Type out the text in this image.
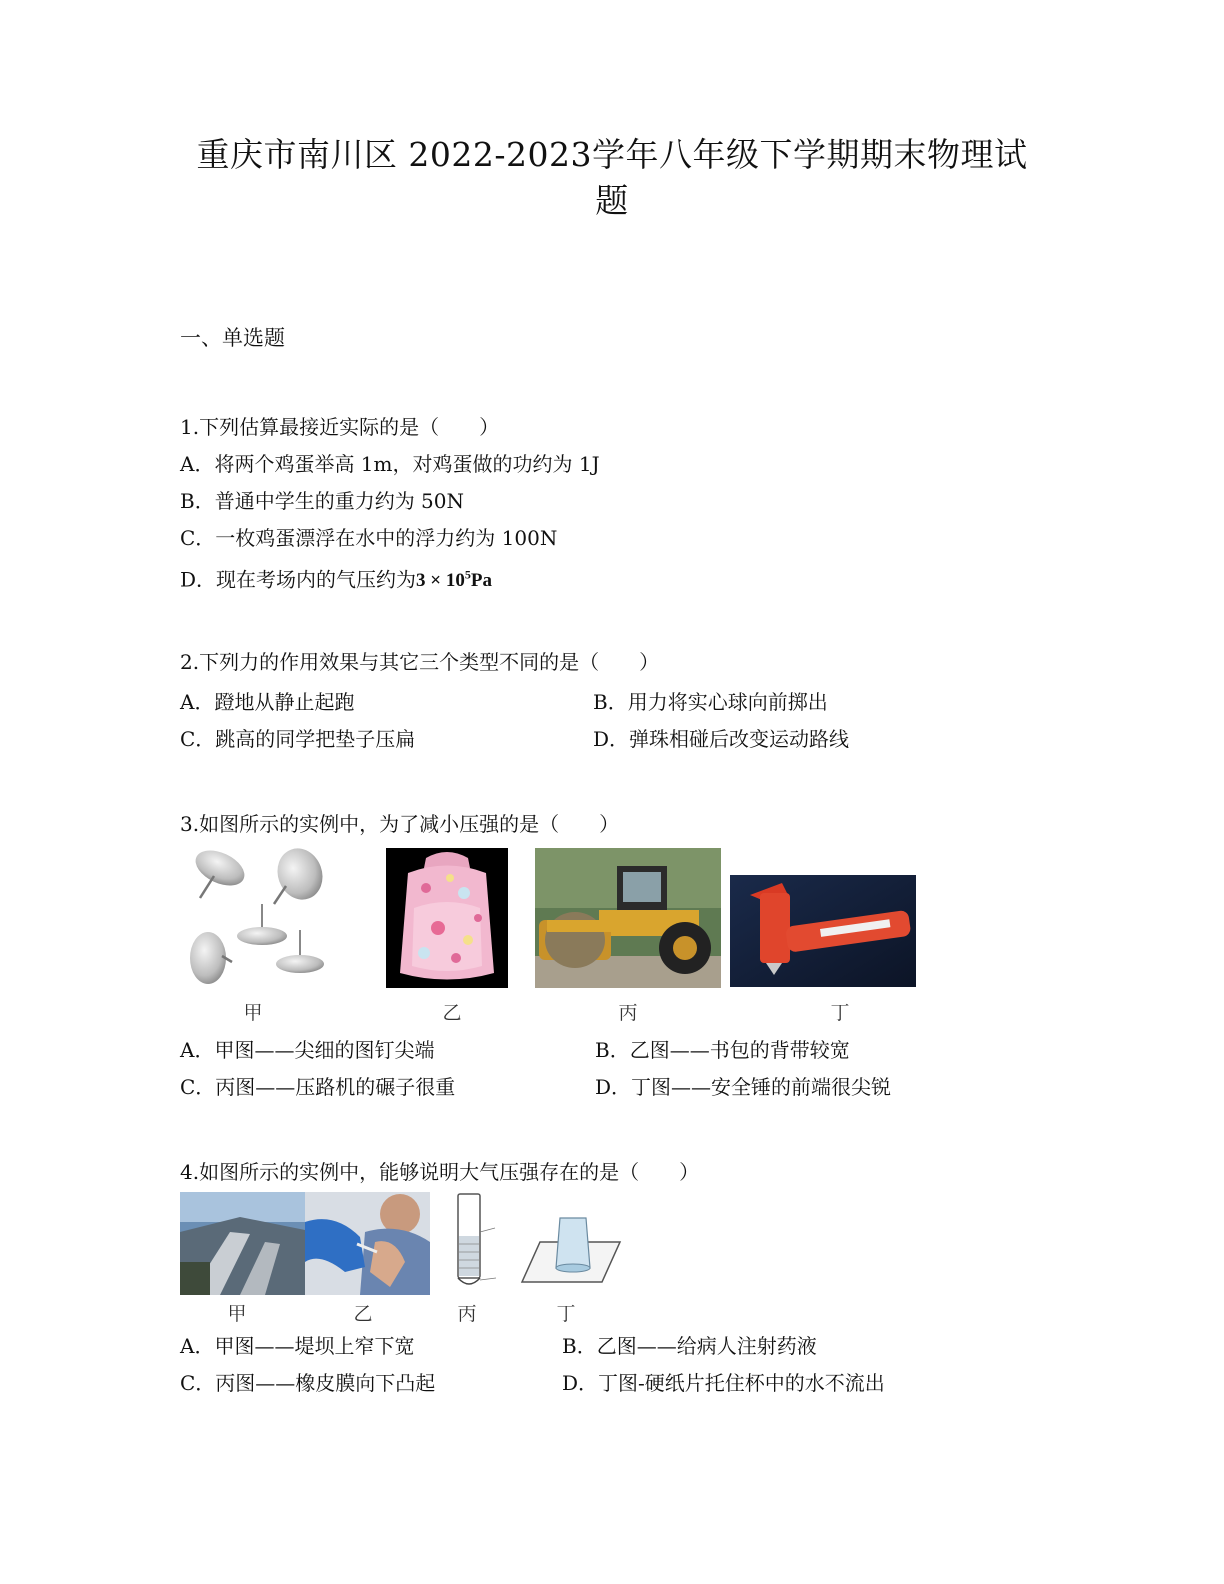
重庆市南川区 2022-2023学年八年级下学期期末物理试
题
一、单选题
1.下列估算最接近实际的是（　　）
A．将两个鸡蛋举高 1m，对鸡蛋做的功约为 1J
B．普通中学生的重力约为 50N
C．一枚鸡蛋漂浮在水中的浮力约为 100N
D．现在考场内的气压约为$3 \times 10^5Pa$
2.下列力的作用效果与其它三个类型不同的是（　　）
A．蹬地从静止起跑	B．用力将实心球向前掷出
C．跳高的同学把垫子压扁	D．弹珠相碰后改变运动路线
3.如图所示的实例中，为了减小压强的是（　　）
甲	乙	丙	丁
A．甲图——尖细的图钉尖端	B．乙图——书包的背带较宽
C．丙图——压路机的碾子很重	D．丁图——安全锤的前端很尖锐
4.如图所示的实例中，能够说明大气压强存在的是（　　）
甲	乙	丙	丁
A．甲图——堤坝上窄下宽	B．乙图——给病人注射药液
C．丙图——橡皮膜向下凸起	D．丁图-硬纸片托住杯中的水不流出
